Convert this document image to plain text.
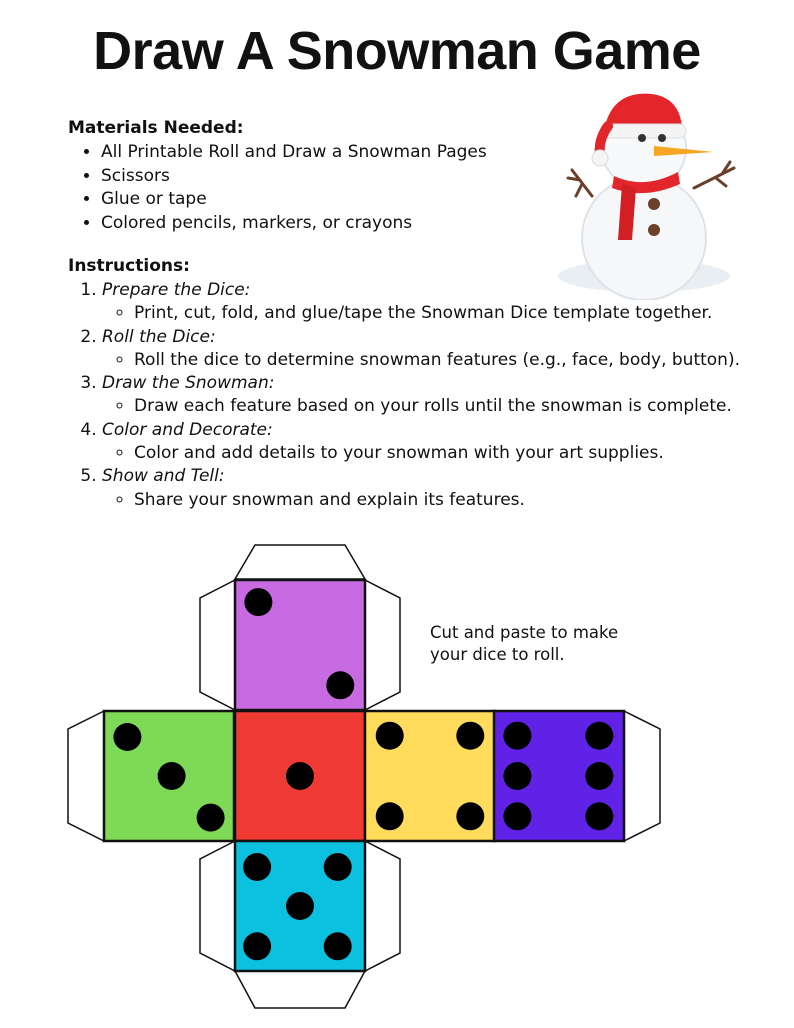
Draw A Snowman Game
Materials Needed:
• All Printable Roll and Draw a Snowman Pages
• Scissors
• Glue or tape
• Colored pencils, markers, or crayons
Instructions:
1. Prepare the Dice:
◦ Print, cut, fold, and glue/tape the Snowman Dice template together.
2. Roll the Dice:
◦ Roll the dice to determine snowman features (e.g., face, body, button).
3. Draw the Snowman:
◦ Draw each feature based on your rolls until the snowman is complete.
4. Color and Decorate:
◦ Color and add details to your snowman with your art supplies.
5. Show and Tell:
◦ Share your snowman and explain its features.
Cut and paste to make
your dice to roll.
